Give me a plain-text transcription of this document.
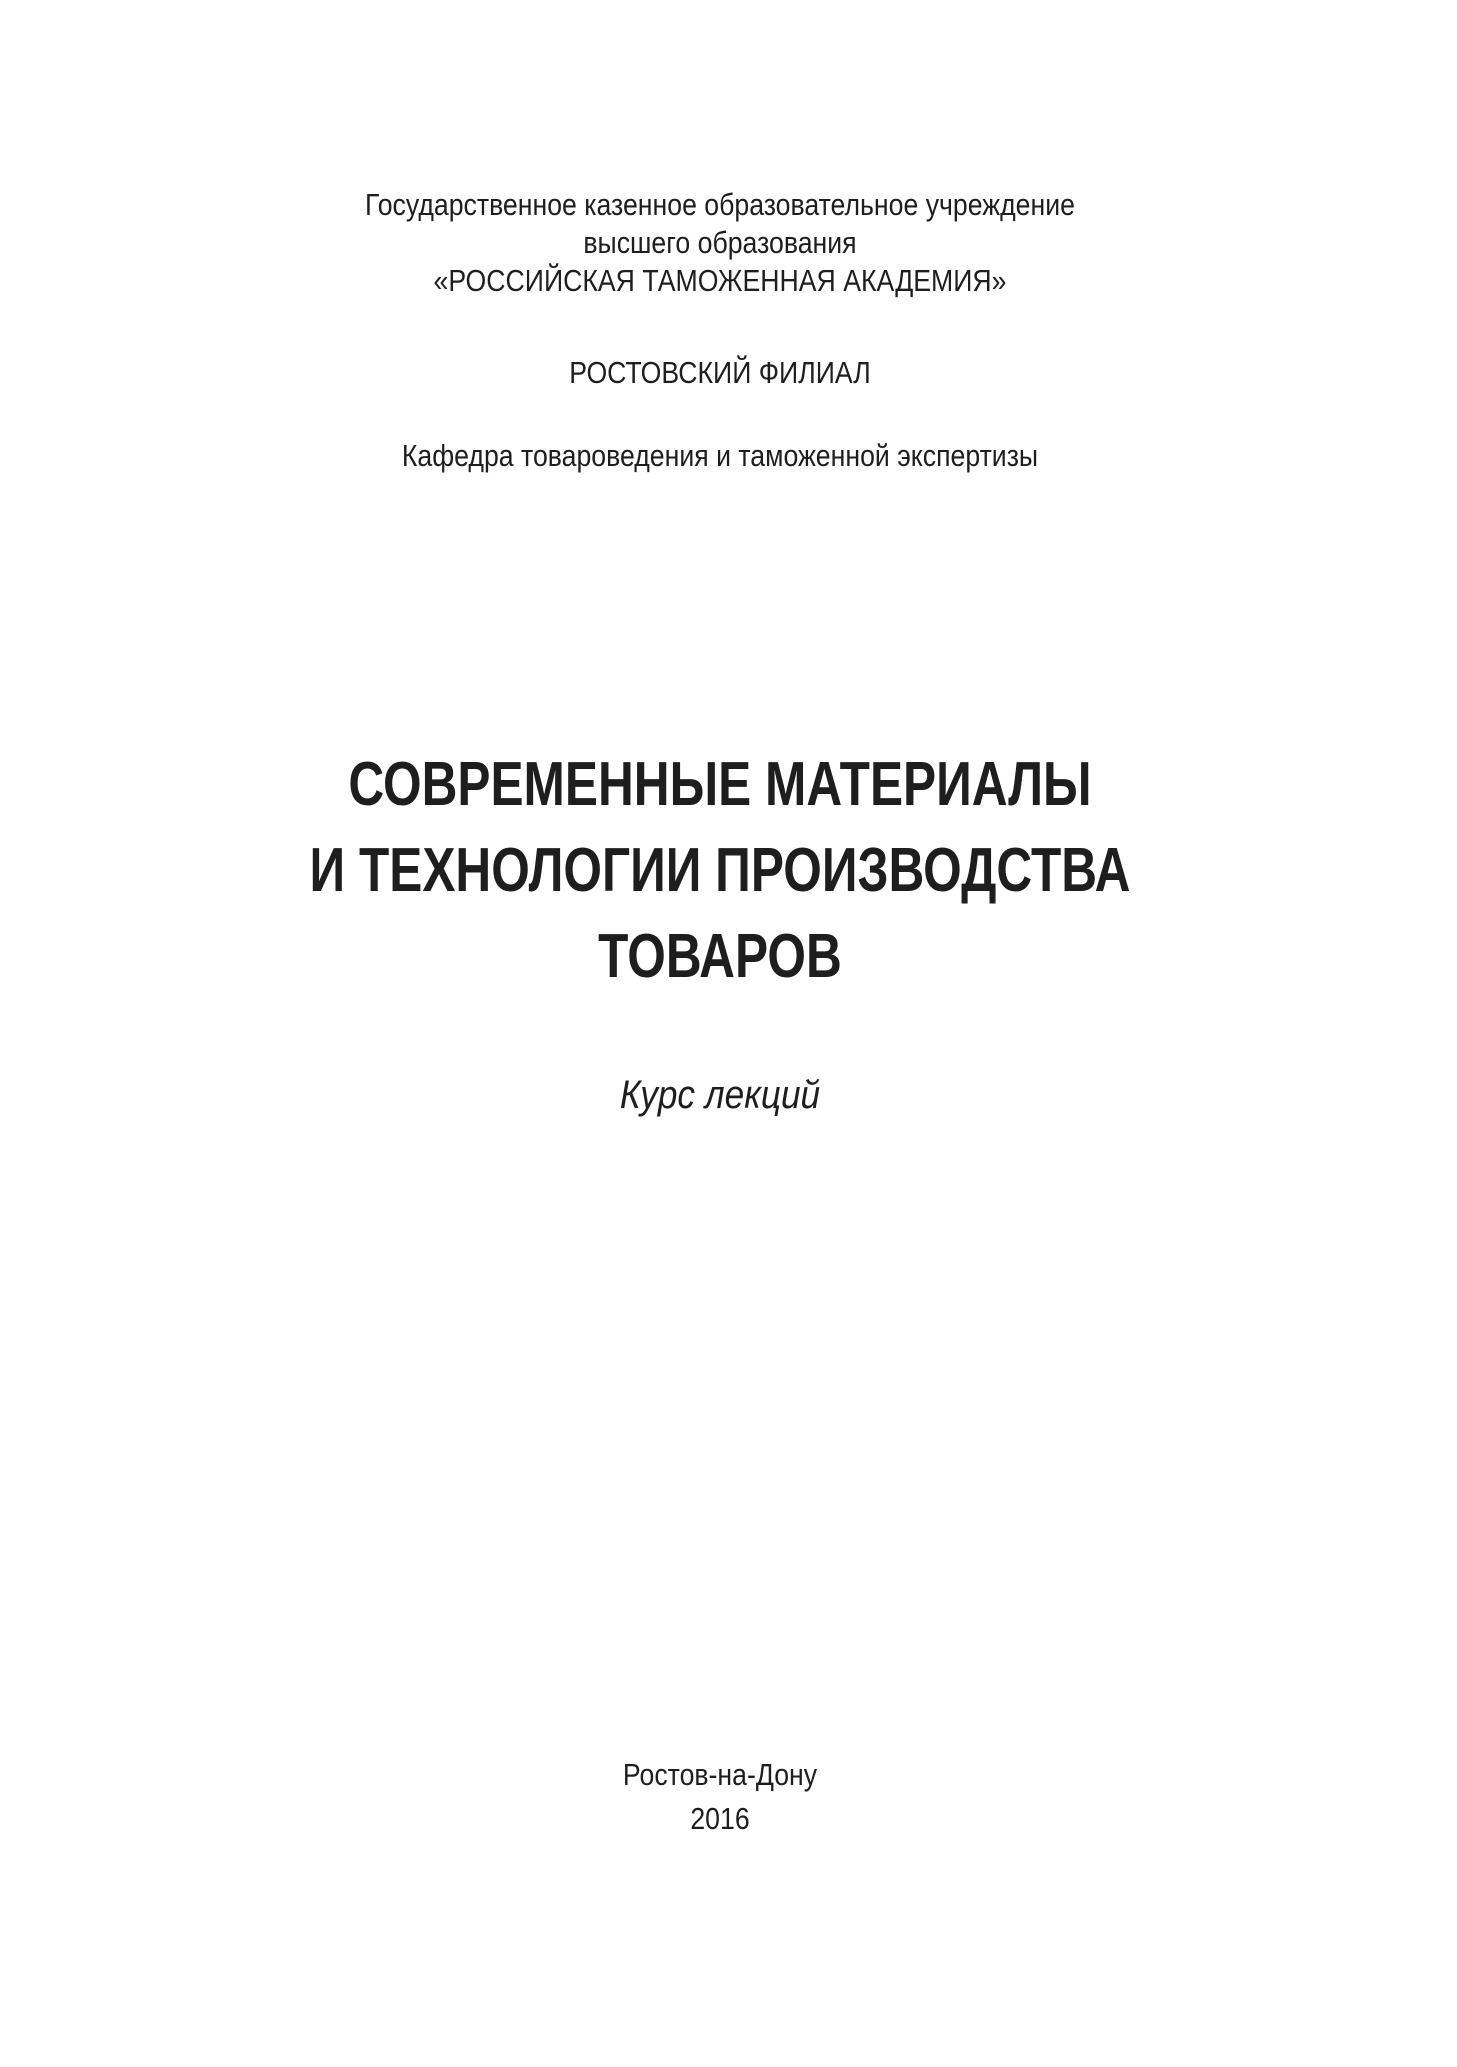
Государственное казенное образовательное учреждение
высшего образования
«РОССИЙСКАЯ ТАМОЖЕННАЯ АКАДЕМИЯ»
РОСТОВСКИЙ ФИЛИАЛ
Кафедра товароведения и таможенной экспертизы
СОВРЕМЕННЫЕ МАТЕРИАЛЫ
И ТЕХНОЛОГИИ ПРОИЗВОДСТВА
ТОВАРОВ
Курс лекций
Ростов-на-Дону
2016
